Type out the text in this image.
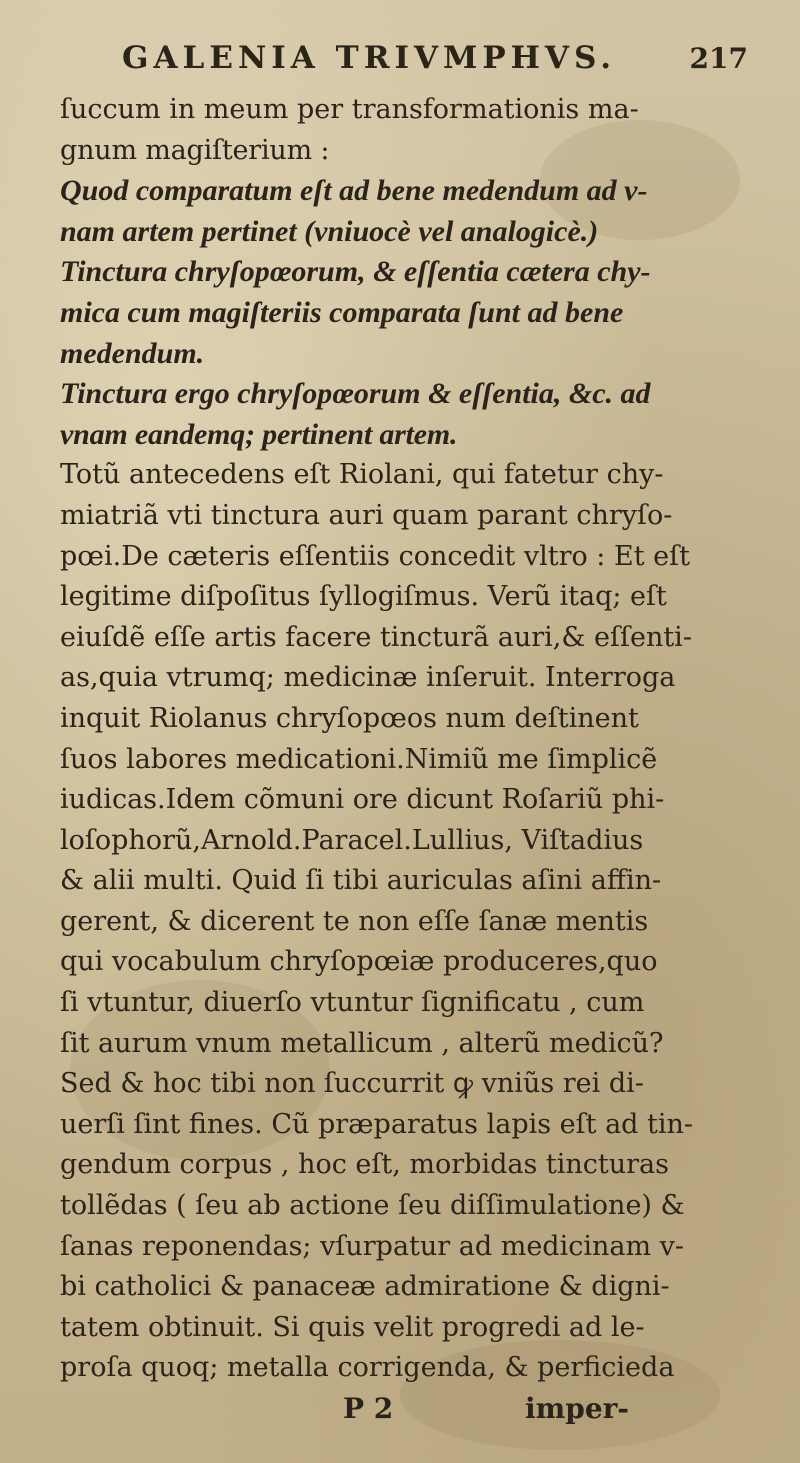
GALENIA TRIVMPHVS.	217
ſuccum in meum per transformationis ma-
gnum magiſterium :
Quod comparatum eſt ad bene medendum ad v-
nam artem pertinet (vniuocè vel analogicè.)
Tinctura chryſopœorum, & eſſentia cætera chy-
mica cum magiſteriis comparata ſunt ad bene
medendum.
Tinctura ergo chryſopœorum & eſſentia, &c. ad
vnam eandemq; pertinent artem.
Totũ antecedens eſt Riolani, qui fatetur chy-
miatriã vti tinctura auri quam parant chryſo-
pœi.De cæteris eſſentiis concedit vltro : Et eſt
legitime diſpoſitus ſyllogiſmus. Verũ itaq; eſt
eiuſdẽ eſſe artis facere tincturã auri,& eſſenti-
as,quia vtrumq; medicinæ inſeruit. Interroga
inquit Riolanus chryſopœos num deſtinent
ſuos labores medicationi.Nimiũ me ſimplicẽ
iudicas.Idem cõmuni ore dicunt Roſariũ phi-
loſophorũ,Arnold.Paracel.Lullius, Viſtadius
& alii multi. Quid ſi tibi auriculas aſini affin-
gerent, & dicerent te non eſſe ſanæ mentis
qui vocabulum chryſopœiæ produceres,quo
ſi vtuntur, diuerſo vtuntur ſignificatu , cum
ſit aurum vnum metallicum , alterũ medicũ?
Sed & hoc tibi non ſuccurrit ꝙ vniũs rei di-
uerſi ſint fines. Cũ præparatus lapis eſt ad tin-
gendum corpus , hoc eſt, morbidas tincturas
tollẽdas ( ſeu ab actione ſeu diſſimulatione) &
ſanas reponendas; vſurpatur ad medicinam v-
bi catholici & panaceæ admiratione & digni-
tatem obtinuit. Si quis velit progredi ad le-
proſa quoq; metalla corrigenda, & perficieda
P 2	imper-
